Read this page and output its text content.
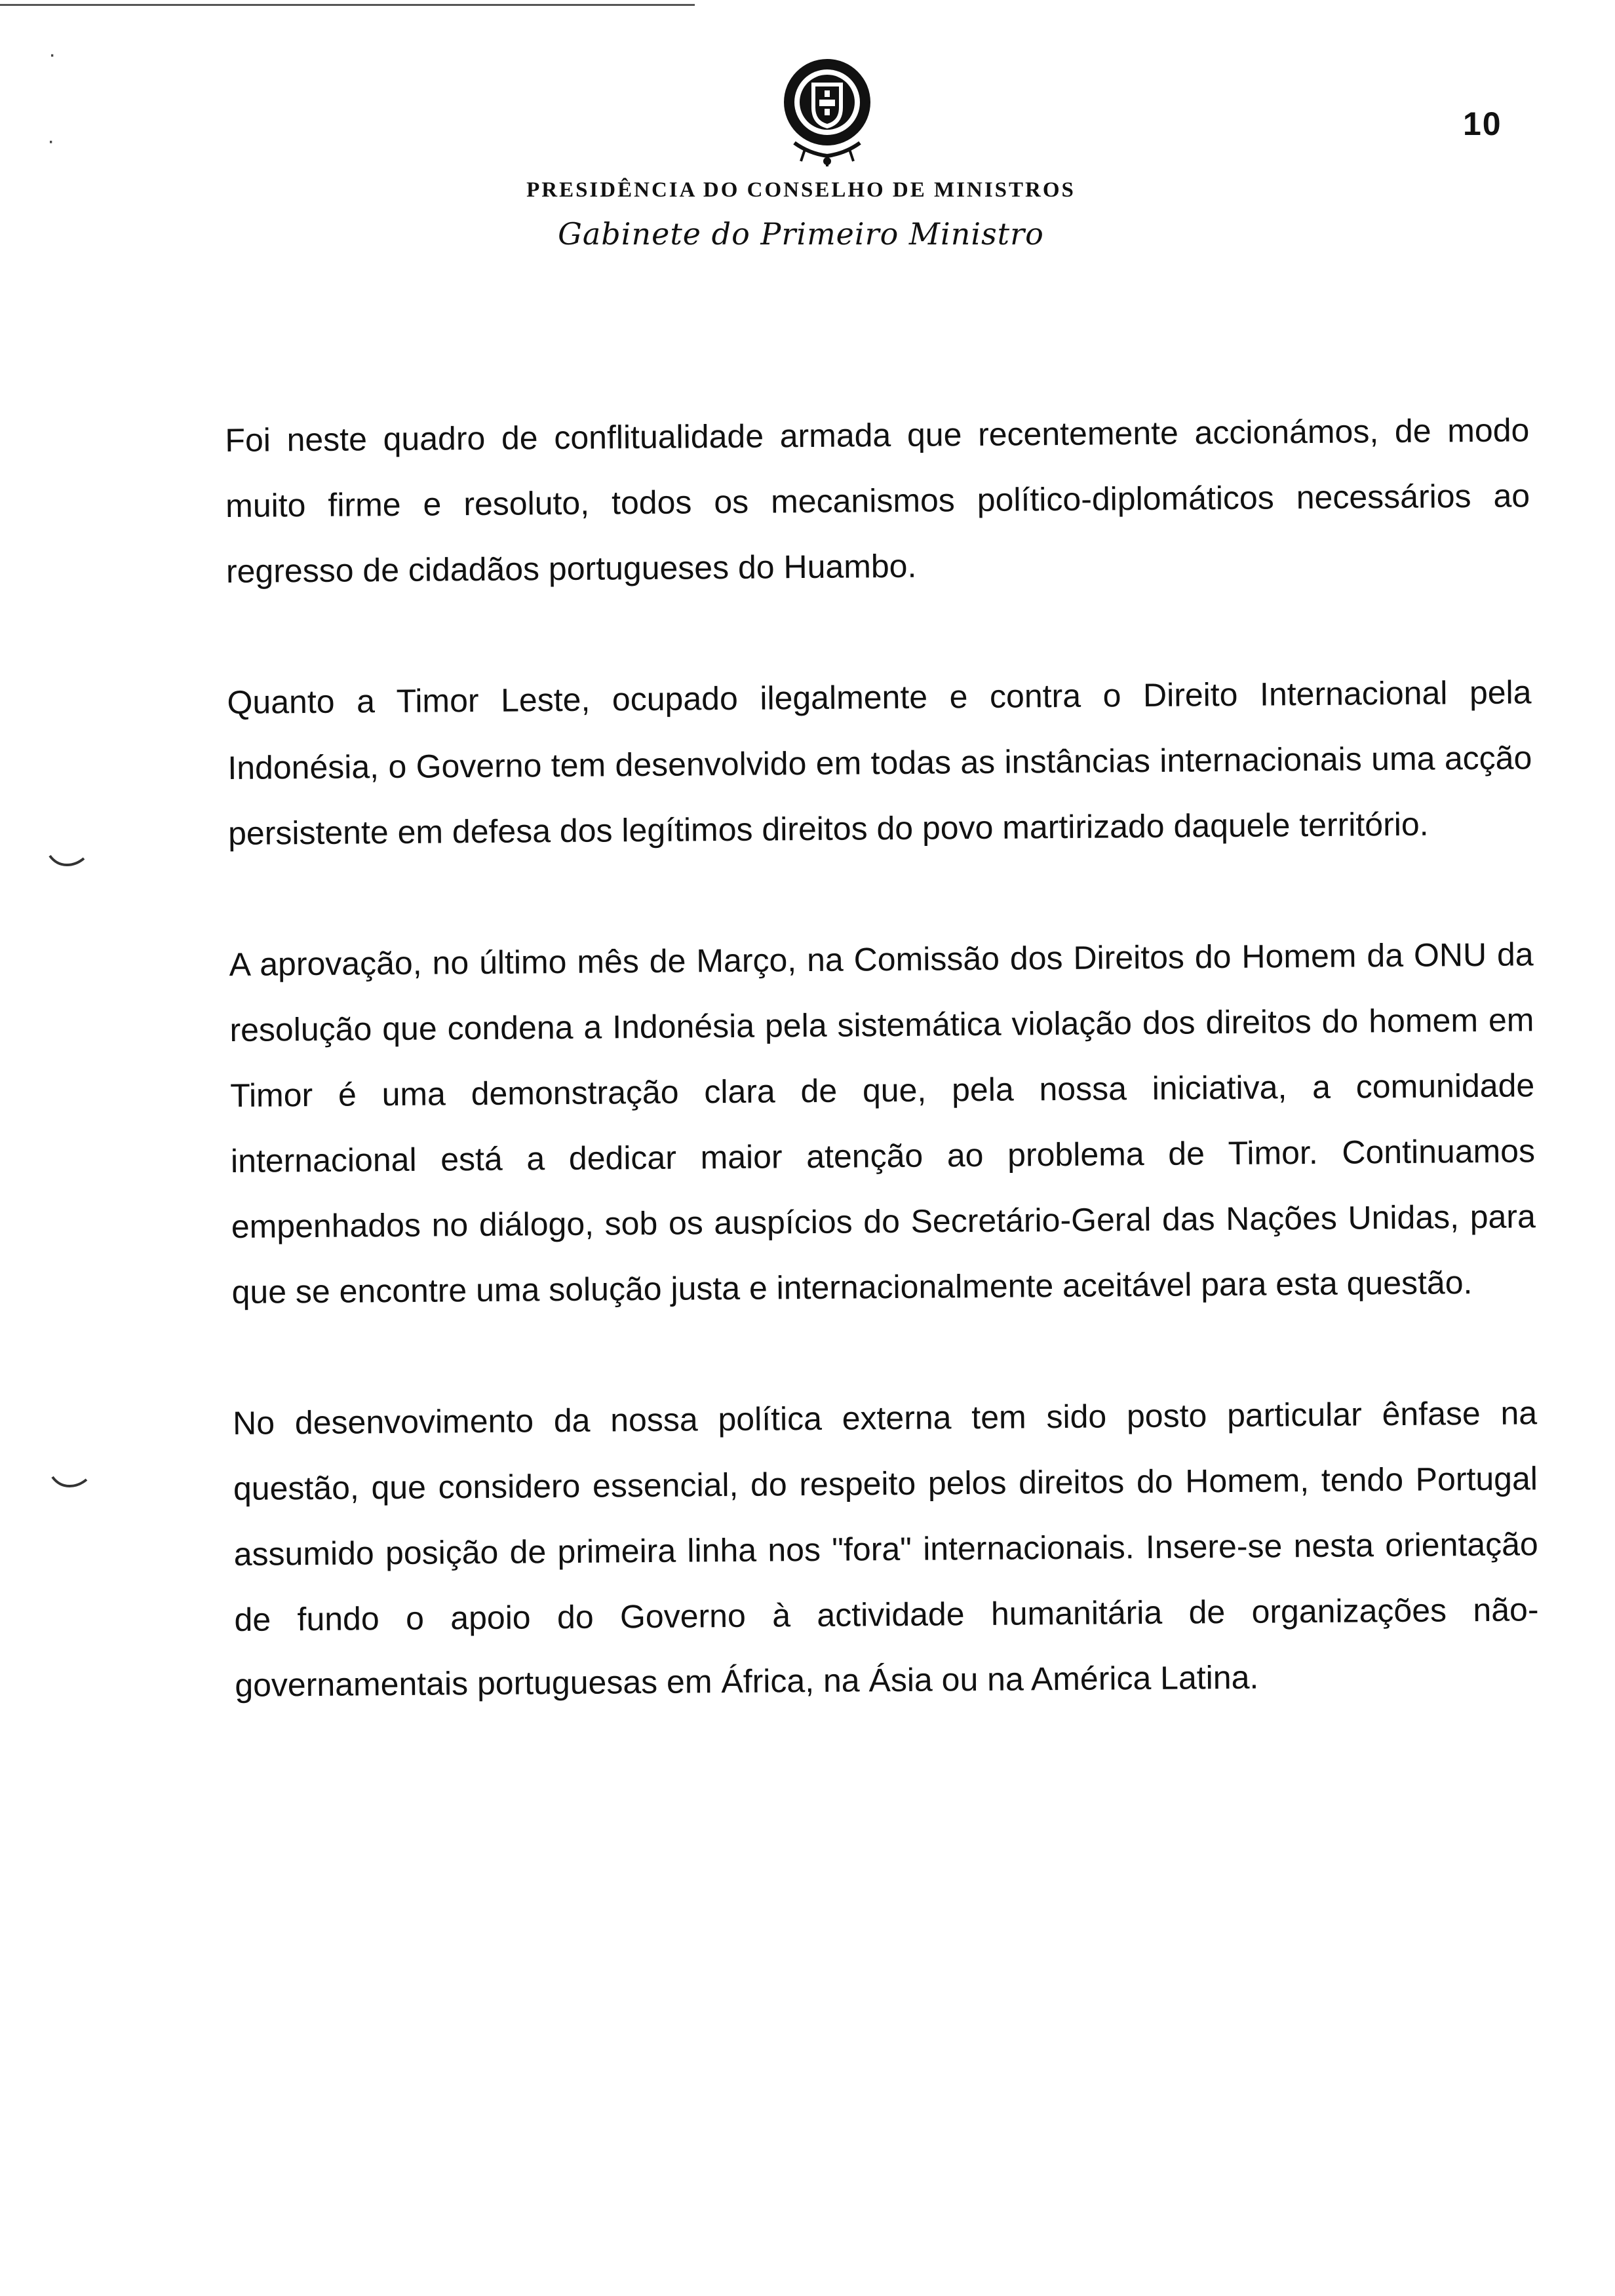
·
·	10
PRESIDÊNCIA DO CONSELHO DE MINISTROS
Gabinete do Primeiro Ministro

Foi neste quadro de conflitualidade armada que recentemente accionámos, de modo muito firme e resoluto, todos os mecanismos político-diplomáticos necessários ao regresso de cidadãos portugueses do Huambo.

Quanto a Timor Leste, ocupado ilegalmente e contra o Direito Internacional pela Indonésia, o Governo tem desenvolvido em todas as instâncias internacionais uma acção persistente em defesa dos legítimos direitos do povo martirizado daquele território.

A aprovação, no último mês de Março, na Comissão dos Direitos do Homem da ONU da resolução que condena a Indonésia pela sistemática violação dos direitos do homem em Timor é uma demonstração clara de que, pela nossa iniciativa, a comunidade internacional está a dedicar maior atenção ao problema de Timor. Continuamos empenhados no diálogo, sob os auspícios do Secretário-Geral das Nações Unidas, para que se encontre uma solução justa e internacionalmente aceitável para esta questão.

No desenvovimento da nossa política externa tem sido posto particular ênfase na questão, que considero essencial, do respeito pelos direitos do Homem, tendo Portugal assumido posição de primeira linha nos "fora" internacionais. Insere-se nesta orientação de fundo o apoio do Governo à actividade humanitária de organizações não-governamentais portuguesas em África, na Ásia ou na América Latina.
